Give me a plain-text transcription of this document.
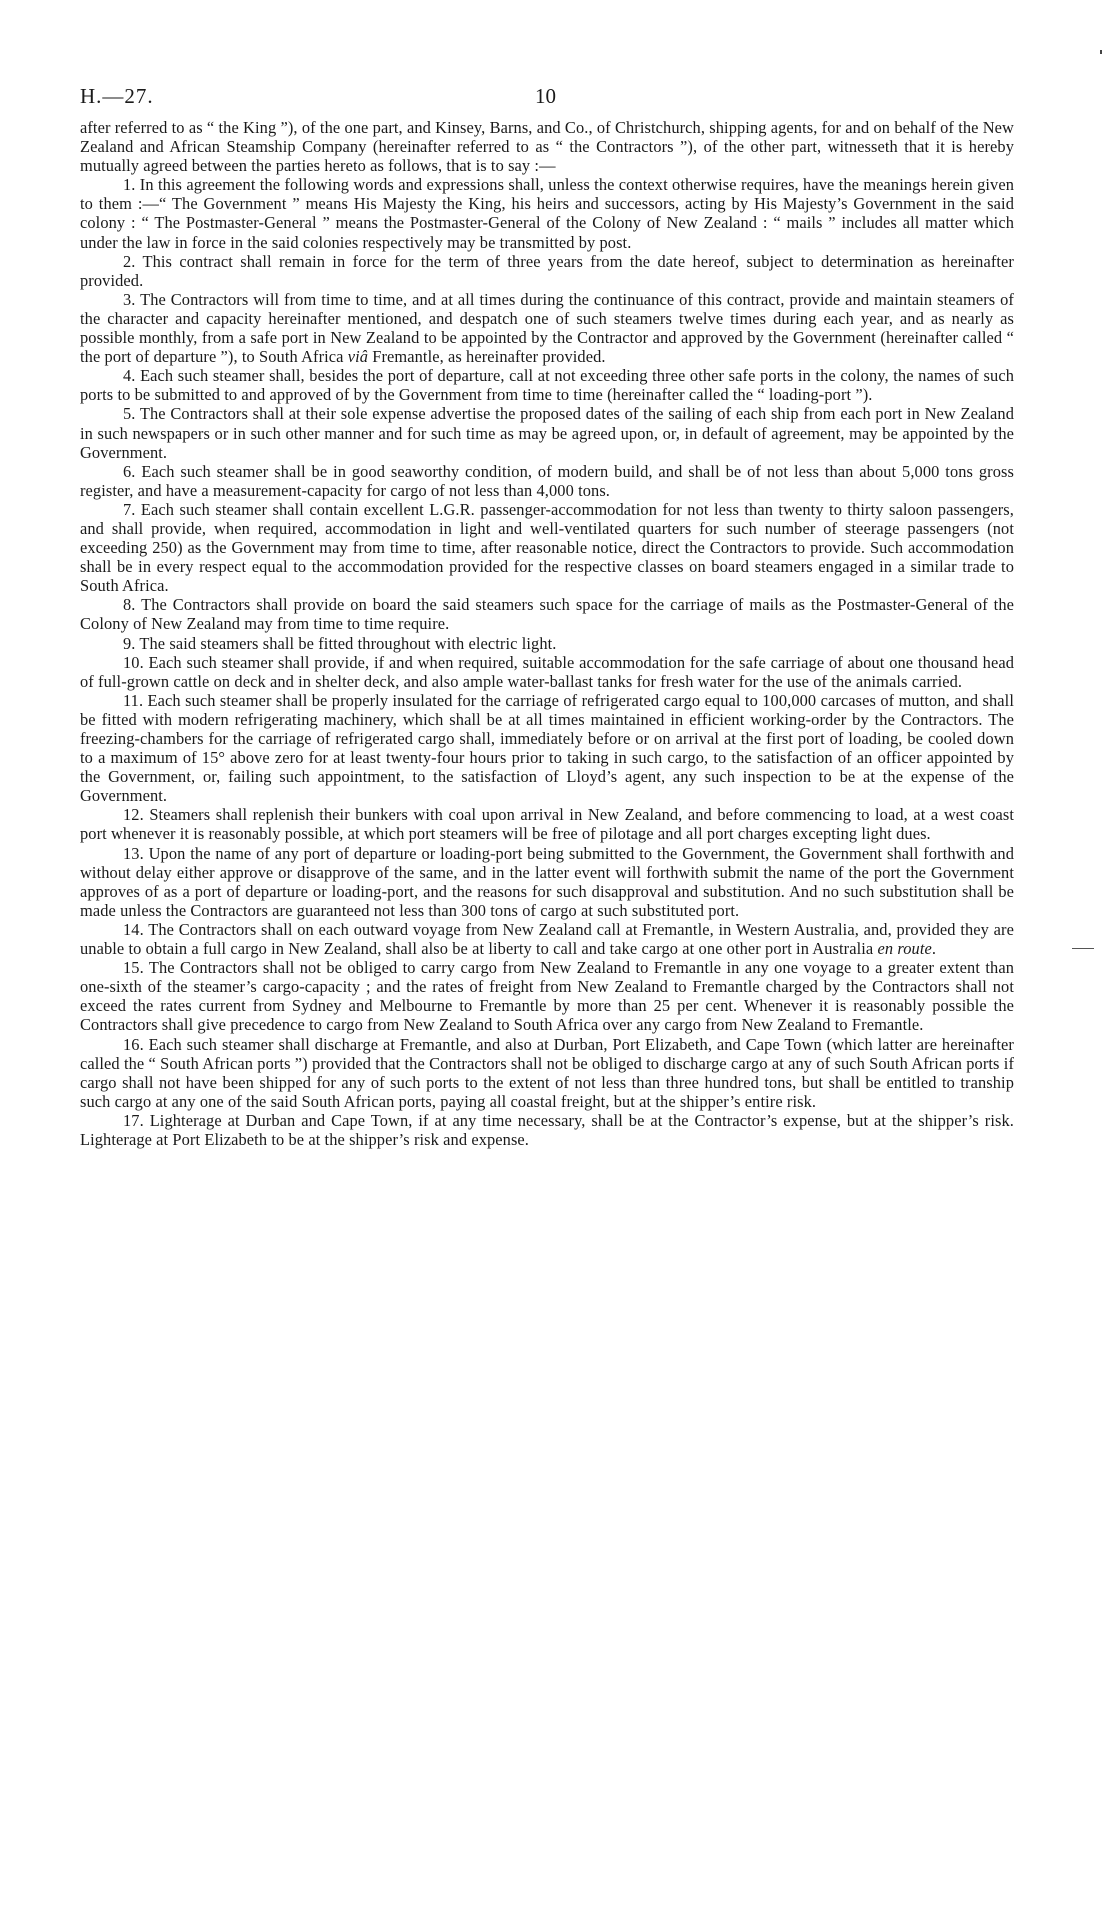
H.—27.	10

after referred to as “ the King ”), of the one part, and Kinsey, Barns, and Co., of Christchurch, shipping agents, for and on behalf of the New Zealand and African Steamship Company (hereinafter referred to as “ the Contractors ”), of the other part, witnesseth that it is hereby mutually agreed between the parties hereto as follows, that is to say :—

1. In this agreement the following words and expressions shall, unless the context otherwise requires, have the meanings herein given to them :—“ The Government ” means His Majesty the King, his heirs and successors, acting by His Majesty’s Government in the said colony : “ The Postmaster-General ” means the Postmaster-General of the Colony of New Zealand : “ mails ” includes all matter which under the law in force in the said colonies respectively may be transmitted by post.

2. This contract shall remain in force for the term of three years from the date hereof, subject to determination as hereinafter provided.

3. The Contractors will from time to time, and at all times during the continuance of this contract, provide and maintain steamers of the character and capacity hereinafter mentioned, and despatch one of such steamers twelve times during each year, and as nearly as possible monthly, from a safe port in New Zealand to be appointed by the Contractor and approved by the Government (hereinafter called “ the port of departure ”), to South Africa viâ Fremantle, as hereinafter provided.

4. Each such steamer shall, besides the port of departure, call at not exceeding three other safe ports in the colony, the names of such ports to be submitted to and approved of by the Government from time to time (hereinafter called the “ loading-port ”).

5. The Contractors shall at their sole expense advertise the proposed dates of the sailing of each ship from each port in New Zealand in such newspapers or in such other manner and for such time as may be agreed upon, or, in default of agreement, may be appointed by the Government.

6. Each such steamer shall be in good seaworthy condition, of modern build, and shall be of not less than about 5,000 tons gross register, and have a measurement-capacity for cargo of not less than 4,000 tons.

7. Each such steamer shall contain excellent L.G.R. passenger-accommodation for not less than twenty to thirty saloon passengers, and shall provide, when required, accommodation in light and well-ventilated quarters for such number of steerage passengers (not exceeding 250) as the Government may from time to time, after reasonable notice, direct the Contractors to provide. Such accommodation shall be in every respect equal to the accommodation provided for the respective classes on board steamers engaged in a similar trade to South Africa.

8. The Contractors shall provide on board the said steamers such space for the carriage of mails as the Postmaster-General of the Colony of New Zealand may from time to time require.

9. The said steamers shall be fitted throughout with electric light.

10. Each such steamer shall provide, if and when required, suitable accommodation for the safe carriage of about one thousand head of full-grown cattle on deck and in shelter deck, and also ample water-ballast tanks for fresh water for the use of the animals carried.

11. Each such steamer shall be properly insulated for the carriage of refrigerated cargo equal to 100,000 carcases of mutton, and shall be fitted with modern refrigerating machinery, which shall be at all times maintained in efficient working-order by the Contractors. The freezing-chambers for the carriage of refrigerated cargo shall, immediately before or on arrival at the first port of loading, be cooled down to a maximum of 15° above zero for at least twenty-four hours prior to taking in such cargo, to the satisfaction of an officer appointed by the Government, or, failing such appointment, to the satisfaction of Lloyd’s agent, any such inspection to be at the expense of the Government.

12. Steamers shall replenish their bunkers with coal upon arrival in New Zealand, and before commencing to load, at a west coast port whenever it is reasonably possible, at which port steamers will be free of pilotage and all port charges excepting light dues.

13. Upon the name of any port of departure or loading-port being submitted to the Government, the Government shall forthwith and without delay either approve or disapprove of the same, and in the latter event will forthwith submit the name of the port the Government approves of as a port of departure or loading-port, and the reasons for such disapproval and substitution. And no such substitution shall be made unless the Contractors are guaranteed not less than 300 tons of cargo at such substituted port.

14. The Contractors shall on each outward voyage from New Zealand call at Fremantle, in Western Australia, and, provided they are unable to obtain a full cargo in New Zealand, shall also be at liberty to call and take cargo at one other port in Australia en route.

15. The Contractors shall not be obliged to carry cargo from New Zealand to Fremantle in any one voyage to a greater extent than one-sixth of the steamer’s cargo-capacity ; and the rates of freight from New Zealand to Fremantle charged by the Contractors shall not exceed the rates current from Sydney and Melbourne to Fremantle by more than 25 per cent. Whenever it is reasonably possible the Contractors shall give precedence to cargo from New Zealand to South Africa over any cargo from New Zealand to Fremantle.

16. Each such steamer shall discharge at Fremantle, and also at Durban, Port Elizabeth, and Cape Town (which latter are hereinafter called the “ South African ports ”) provided that the Contractors shall not be obliged to discharge cargo at any of such South African ports if cargo shall not have been shipped for any of such ports to the extent of not less than three hundred tons, but shall be entitled to tranship such cargo at any one of the said South African ports, paying all coastal freight, but at the shipper’s entire risk.

17. Lighterage at Durban and Cape Town, if at any time necessary, shall be at the Contractor’s expense, but at the shipper’s risk. Lighterage at Port Elizabeth to be at the shipper’s risk and expense.
